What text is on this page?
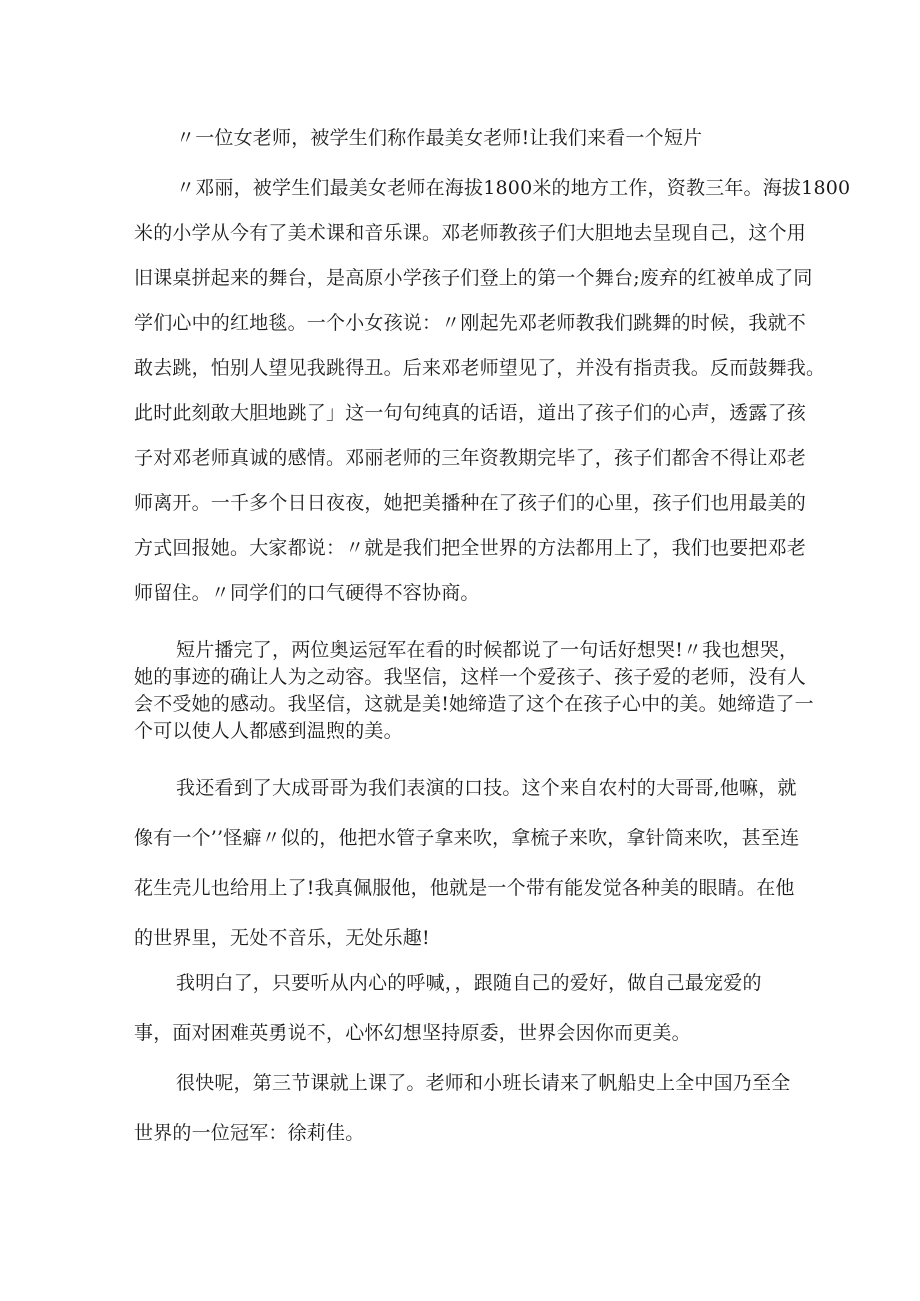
〃一位女老师，被学生们称作最美女老师!让我们来看一个短片
〃邓丽，被学生们最美女老师在海拔1800米的地方工作，资教三年。海拔1800
米的小学从今有了美术课和音乐课。邓老师教孩子们大胆地去呈现自己，这个用
旧课桌拼起来的舞台，是高原小学孩子们登上的第一个舞台;废弃的红被单成了同
学们心中的红地毯。一个小女孩说：〃刚起先邓老师教我们跳舞的时候，我就不
敢去跳，怕别人望见我跳得丑。后来邓老师望见了，并没有指责我。反而鼓舞我。
此时此刻敢大胆地跳了」这一句句纯真的话语，道出了孩子们的心声，透露了孩
子对邓老师真诚的感情。邓丽老师的三年资教期完毕了，孩子们都舍不得让邓老
师离开。一千多个日日夜夜，她把美播种在了孩子们的心里，孩子们也用最美的
方式回报她。大家都说：〃就是我们把全世界的方法都用上了，我们也要把邓老
师留住。〃同学们的口气硬得不容协商。
短片播完了，两位奥运冠军在看的时候都说了一句话好想哭!〃我也想哭，
她的事迹的确让人为之动容。我坚信，这样一个爱孩子、孩子爱的老师，没有人
会不受她的感动。我坚信，这就是美!她缔造了这个在孩子心中的美。她缔造了一
个可以使人人都感到温煦的美。
我还看到了大成哥哥为我们表演的口技。这个来自农村的大哥哥,他嘛，就
像有一个’’怪癖〃似的，他把水管子拿来吹，拿梳子来吹，拿针筒来吹，甚至连
花生壳儿也给用上了!我真佩服他，他就是一个带有能发觉各种美的眼睛。在他
的世界里，无处不音乐，无处乐趣!
我明白了，只要听从内心的呼喊，，跟随自己的爱好，做自己最宠爱的
事，面对困难英勇说不，心怀幻想坚持原委，世界会因你而更美。
很快呢，第三节课就上课了。老师和小班长请来了帆船史上全中国乃至全
世界的一位冠军：徐莉佳。
